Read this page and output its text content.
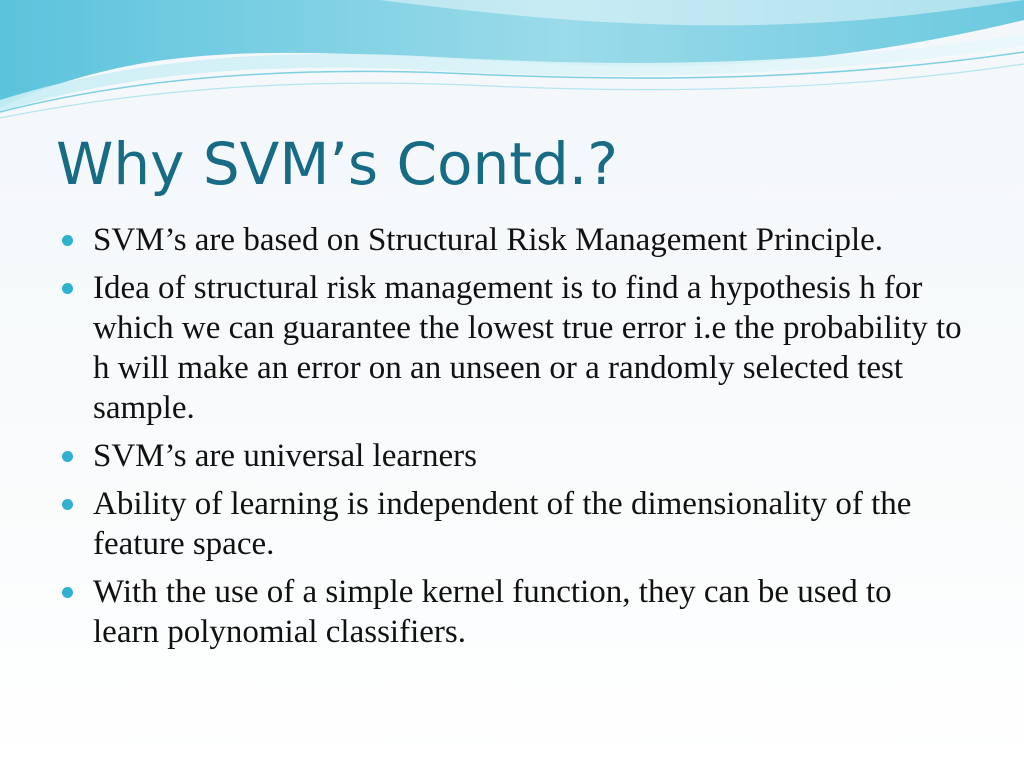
Why SVM’s Contd.?
SVM’s are based on Structural Risk Management Principle.
Idea of structural risk management is to find a hypothesis h for which we can guarantee the lowest true error i.e the probability to h will make an error on an unseen or a randomly selected test sample.
SVM’s are universal learners
Ability of learning is independent of the dimensionality of the feature space.
With the use of a simple kernel function, they can be used to learn polynomial classifiers.
